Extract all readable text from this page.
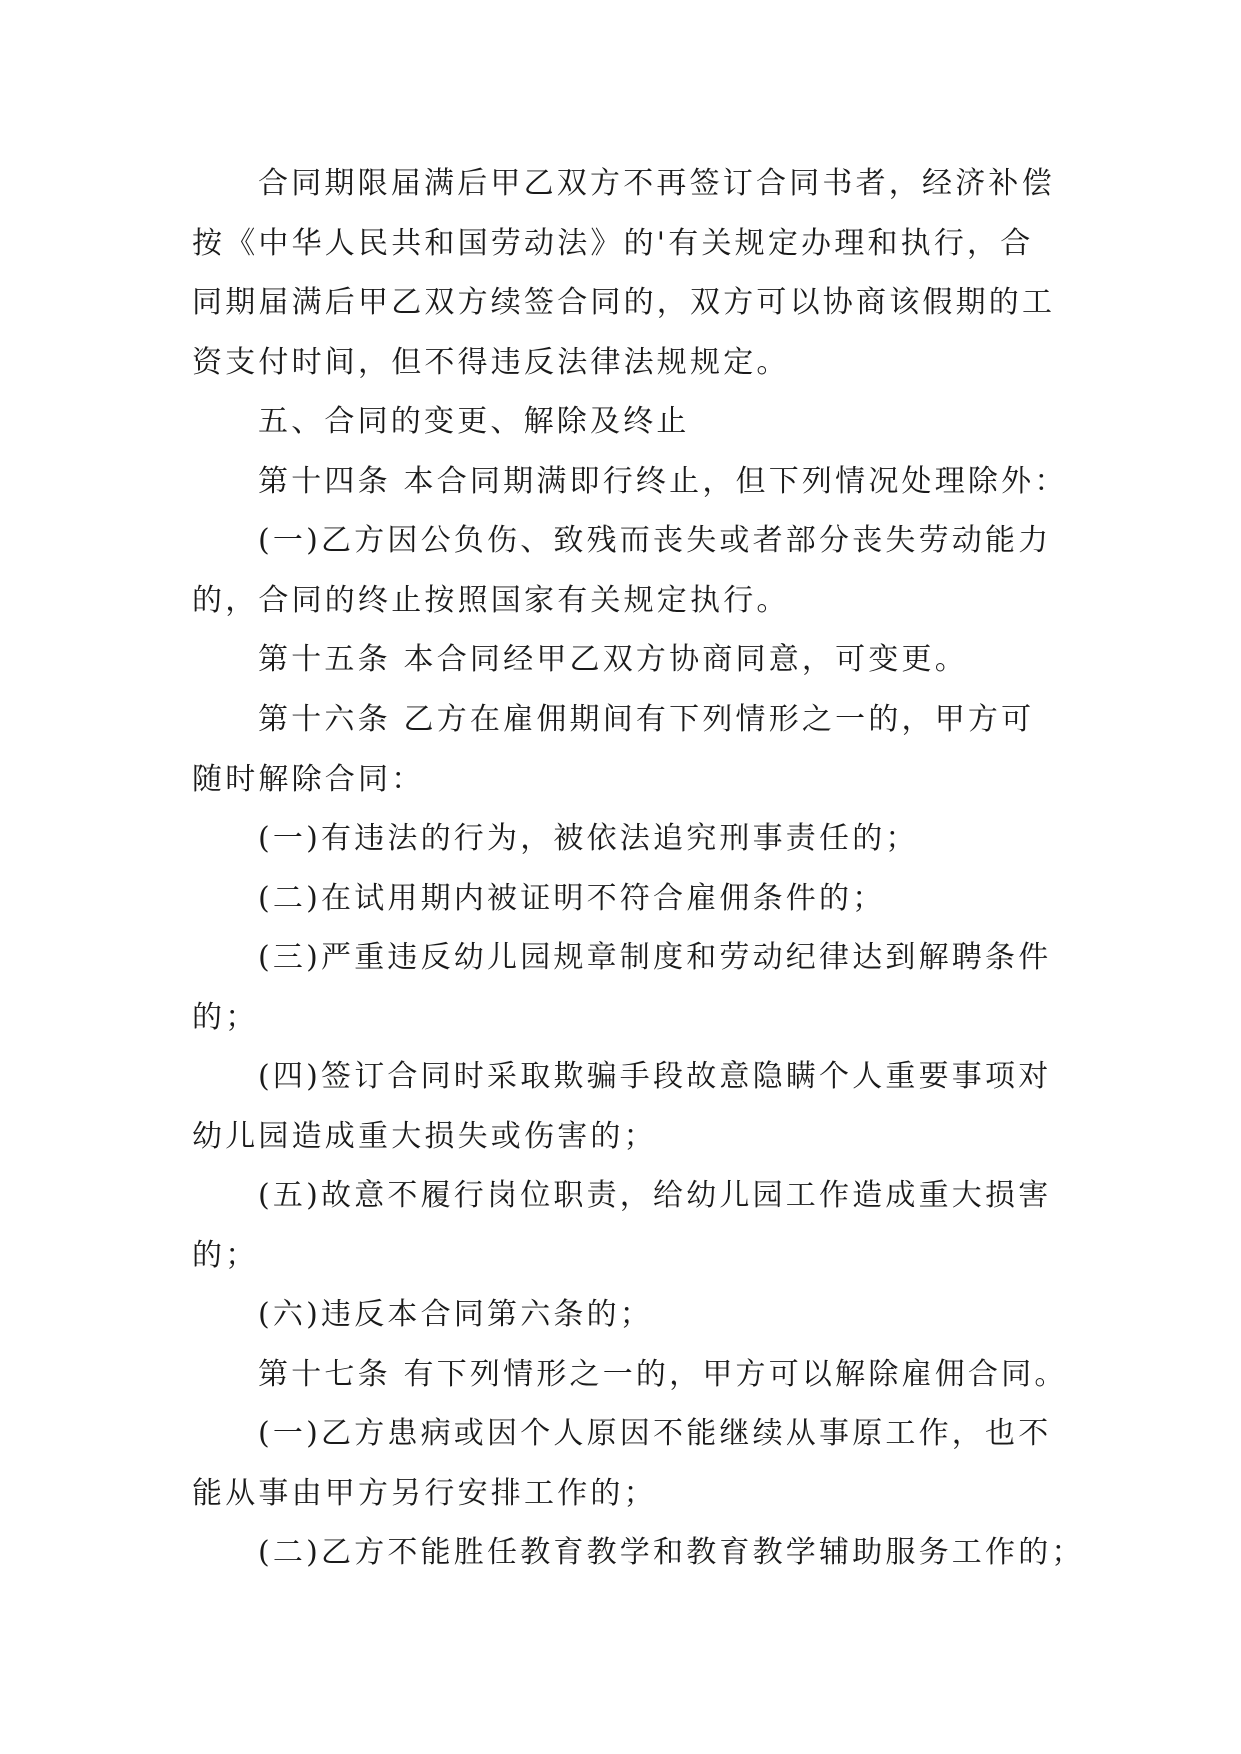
合同期限届满后甲乙双方不再签订合同书者，经济补偿
按《中华人民共和国劳动法》的'有关规定办理和执行，合
同期届满后甲乙双方续签合同的，双方可以协商该假期的工
资支付时间，但不得违反法律法规规定。
五、合同的变更、解除及终止
第十四条 本合同期满即行终止，但下列情况处理除外：
(一)乙方因公负伤、致残而丧失或者部分丧失劳动能力
的，合同的终止按照国家有关规定执行。
第十五条 本合同经甲乙双方协商同意，可变更。
第十六条 乙方在雇佣期间有下列情形之一的，甲方可
随时解除合同：
(一)有违法的行为，被依法追究刑事责任的；
(二)在试用期内被证明不符合雇佣条件的；
(三)严重违反幼儿园规章制度和劳动纪律达到解聘条件
的；
(四)签订合同时采取欺骗手段故意隐瞒个人重要事项对
幼儿园造成重大损失或伤害的；
(五)故意不履行岗位职责，给幼儿园工作造成重大损害
的；
(六)违反本合同第六条的；
第十七条 有下列情形之一的，甲方可以解除雇佣合同。
(一)乙方患病或因个人原因不能继续从事原工作，也不
能从事由甲方另行安排工作的；
(二)乙方不能胜任教育教学和教育教学辅助服务工作的；
